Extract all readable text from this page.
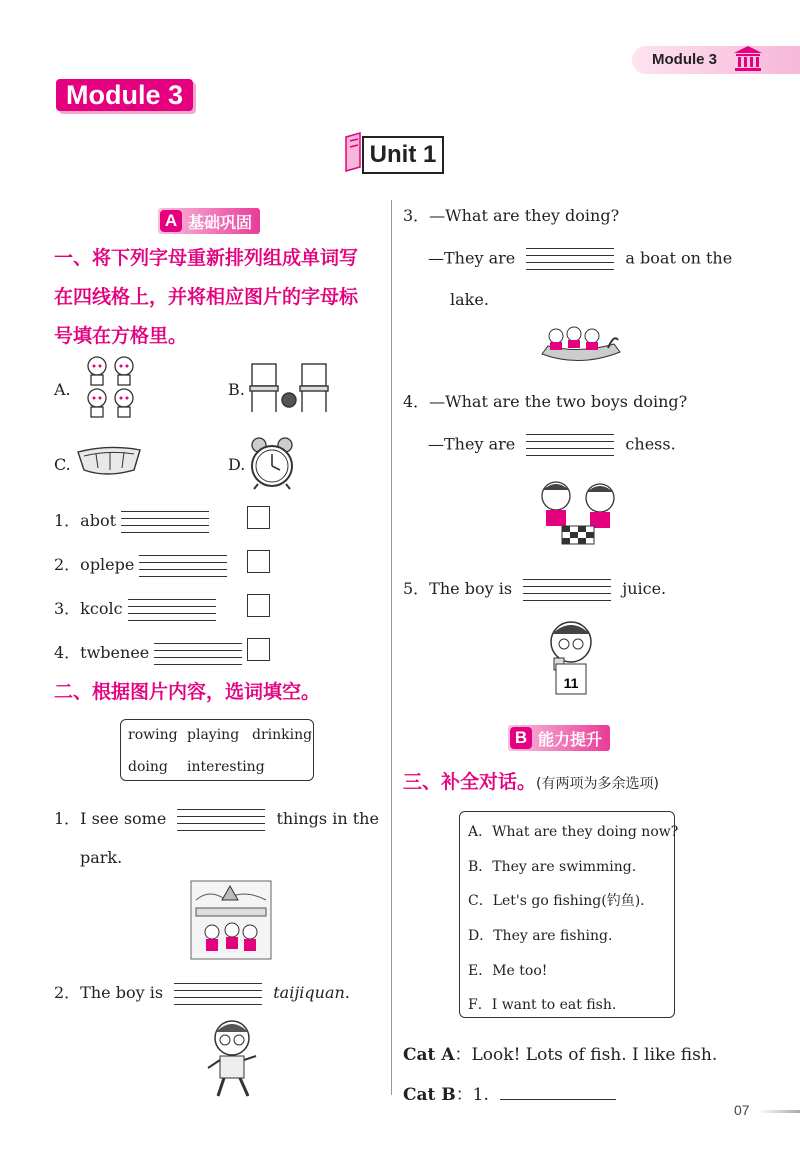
Module 3
Module 3
Unit 1
A 基础巩固
一、将下列字母重新排列组成单词写
在四线格上，并将相应图片的字母标
号填在方格里。
A.	B.
C.	D.
1．abot
2．oplepe
3．kcolc
4．twbenee
二、根据图片内容，选词填空。
rowing playing drinking
doing interesting
1．I see some	things in the
park.
2．The boy is	taijiquan.
3．—What are they doing?
—They are	a boat on the
lake.
4．—What are the two boys doing?
—They are	chess.
5．The boy is	juice.
11
B 能力提升
三、补全对话。(有两项为多余选项)
A．What are they doing now?
B．They are swimming.
C．Let's go fishing(钓鱼).
D．They are fishing.
E．Me too!
F．I want to eat fish.
Cat A：Look! Lots of fish. I like fish.
Cat B：1.
07
